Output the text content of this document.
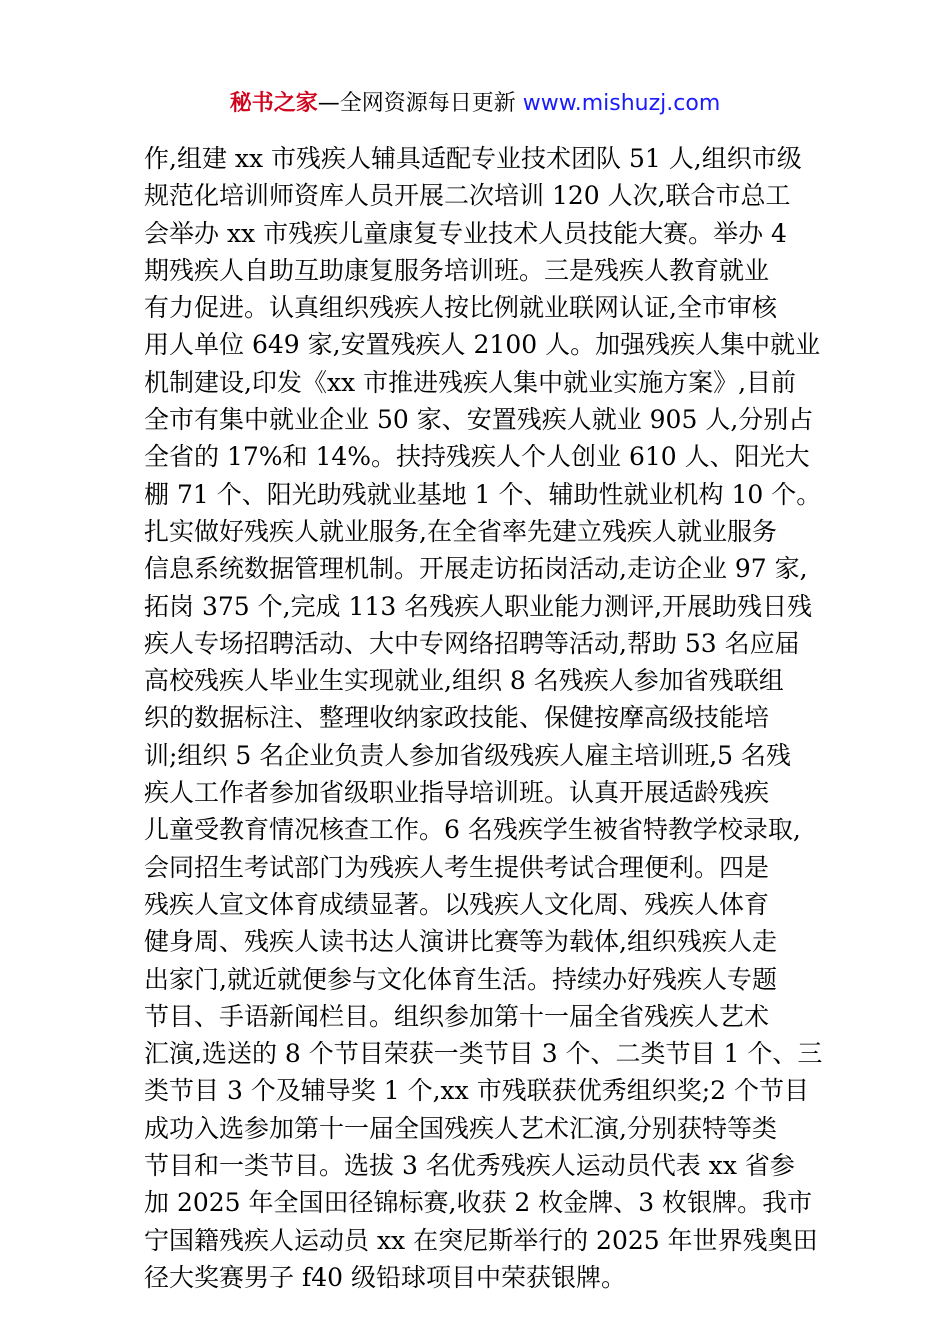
秘书之家—全网资源每日更新 www.mishuzj.com
作,组建 xx 市残疾人辅具适配专业技术团队 51 人,组织市级
规范化培训师资库人员开展二次培训 120 人次,联合市总工
会举办 xx 市残疾儿童康复专业技术人员技能大赛。举办 4
期残疾人自助互助康复服务培训班。三是残疾人教育就业
有力促进。认真组织残疾人按比例就业联网认证,全市审核
用人单位 649 家,安置残疾人 2100 人。加强残疾人集中就业
机制建设,印发《xx 市推进残疾人集中就业实施方案》,目前
全市有集中就业企业 50 家、安置残疾人就业 905 人,分别占
全省的 17%和 14%。扶持残疾人个人创业 610 人、阳光大
棚 71 个、阳光助残就业基地 1 个、辅助性就业机构 10 个。
扎实做好残疾人就业服务,在全省率先建立残疾人就业服务
信息系统数据管理机制。开展走访拓岗活动,走访企业 97 家,
拓岗 375 个,完成 113 名残疾人职业能力测评,开展助残日残
疾人专场招聘活动、大中专网络招聘等活动,帮助 53 名应届
高校残疾人毕业生实现就业,组织 8 名残疾人参加省残联组
织的数据标注、整理收纳家政技能、保健按摩高级技能培
训;组织 5 名企业负责人参加省级残疾人雇主培训班,5 名残
疾人工作者参加省级职业指导培训班。认真开展适龄残疾
儿童受教育情况核查工作。6 名残疾学生被省特教学校录取,
会同招生考试部门为残疾人考生提供考试合理便利。四是
残疾人宣文体育成绩显著。以残疾人文化周、残疾人体育
健身周、残疾人读书达人演讲比赛等为载体,组织残疾人走
出家门,就近就便参与文化体育生活。持续办好残疾人专题
节目、手语新闻栏目。组织参加第十一届全省残疾人艺术
汇演,选送的 8 个节目荣获一类节目 3 个、二类节目 1 个、三
类节目 3 个及辅导奖 1 个,xx 市残联获优秀组织奖;2 个节目
成功入选参加第十一届全国残疾人艺术汇演,分别获特等类
节目和一类节目。选拔 3 名优秀残疾人运动员代表 xx 省参
加 2025 年全国田径锦标赛,收获 2 枚金牌、3 枚银牌。我市
宁国籍残疾人运动员 xx 在突尼斯举行的 2025 年世界残奥田
径大奖赛男子 f40 级铅球项目中荣获银牌。
